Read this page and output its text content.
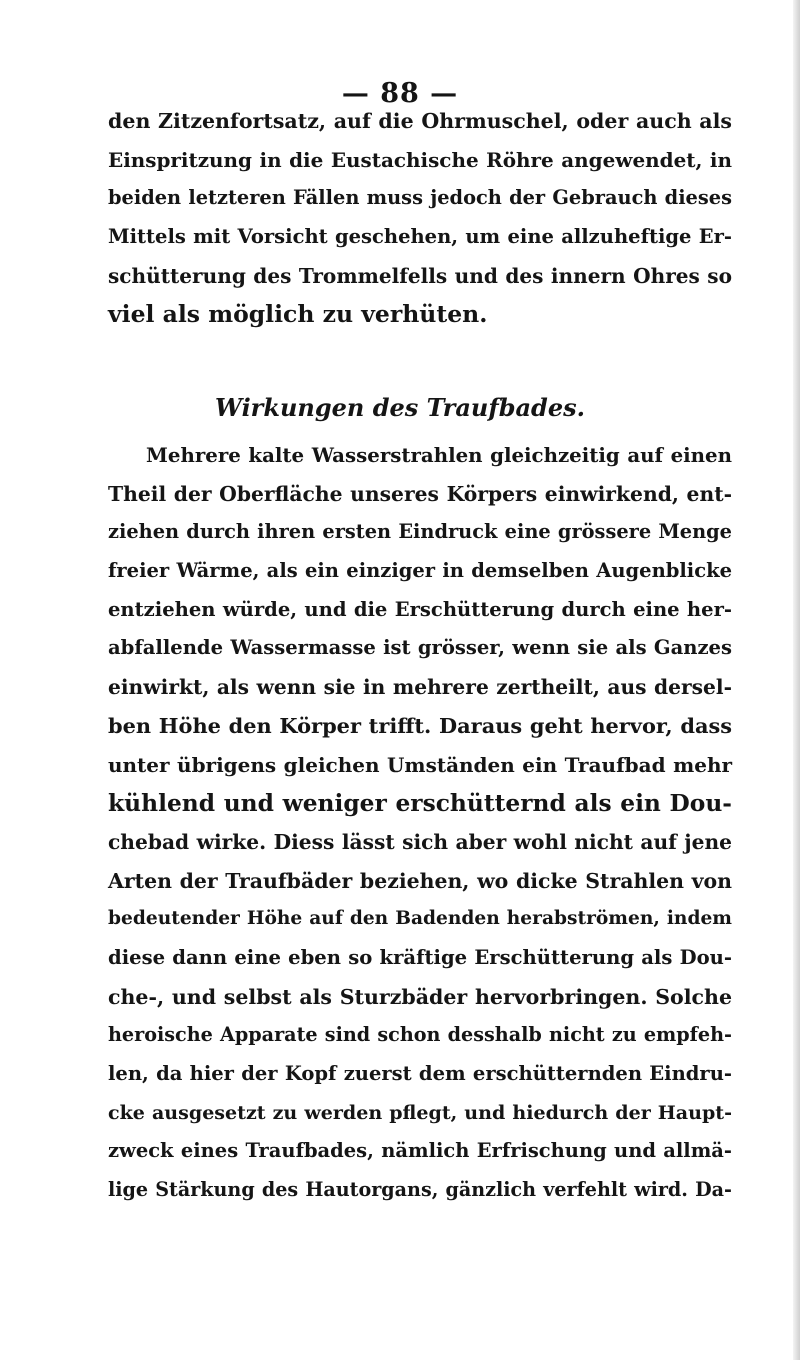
— 88 —
den Zitzenfortsatz, auf die Ohrmuschel, oder auch als
Einspritzung in die Eustachische Röhre angewendet, in
beiden letzteren Fällen muss jedoch der Gebrauch dieses
Mittels mit Vorsicht geschehen, um eine allzuheftige Er-
schütterung des Trommelfells und des innern Ohres so
viel als möglich zu verhüten.
Wirkungen des Traufbades.
Mehrere kalte Wasserstrahlen gleichzeitig auf einen
Theil der Oberfläche unseres Körpers einwirkend, ent-
ziehen durch ihren ersten Eindruck eine grössere Menge
freier Wärme, als ein einziger in demselben Augenblicke
entziehen würde, und die Erschütterung durch eine her-
abfallende Wassermasse ist grösser, wenn sie als Ganzes
einwirkt, als wenn sie in mehrere zertheilt, aus dersel-
ben Höhe den Körper trifft. Daraus geht hervor, dass
unter übrigens gleichen Umständen ein Traufbad mehr
kühlend und weniger erschütternd als ein Dou-
chebad wirke. Diess lässt sich aber wohl nicht auf jene
Arten der Traufbäder beziehen, wo dicke Strahlen von
bedeutender Höhe auf den Badenden herabströmen, indem
diese dann eine eben so kräftige Erschütterung als Dou-
che-, und selbst als Sturzbäder hervorbringen. Solche
heroische Apparate sind schon desshalb nicht zu empfeh-
len, da hier der Kopf zuerst dem erschütternden Eindru-
cke ausgesetzt zu werden pflegt, und hiedurch der Haupt-
zweck eines Traufbades, nämlich Erfrischung und allmä-
lige Stärkung des Hautorgans, gänzlich verfehlt wird. Da-
